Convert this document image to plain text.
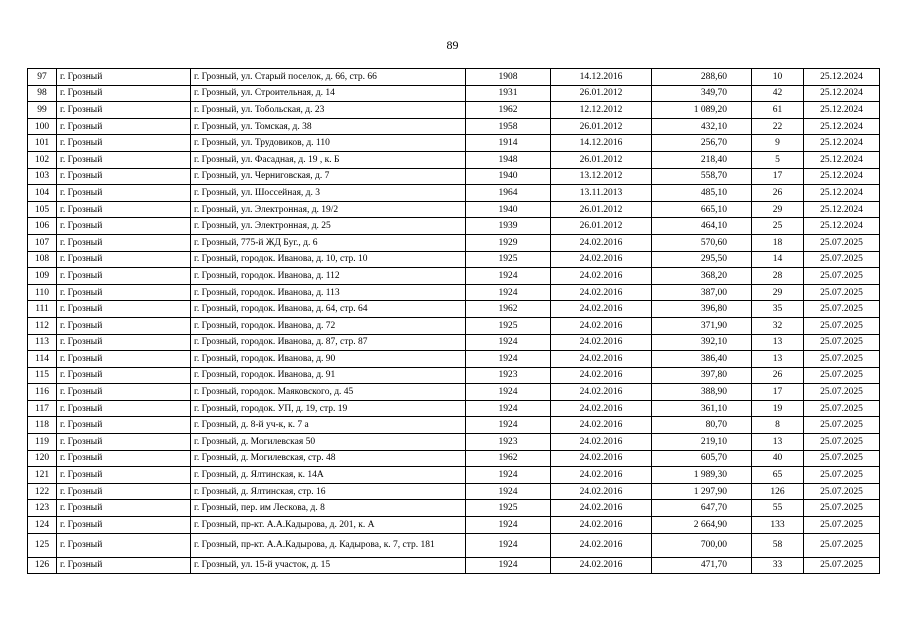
89
97	г. Грозный	г. Грозный, ул. Старый поселок, д. 66, стр. 66	1908	14.12.2016	288,60	10	25.12.2024
98	г. Грозный	г. Грозный, ул. Строительная, д. 14	1931	26.01.2012	349,70	42	25.12.2024
99	г. Грозный	г. Грозный, ул. Тобольская, д. 23	1962	12.12.2012	1 089,20	61	25.12.2024
100	г. Грозный	г. Грозный, ул. Томская, д. 38	1958	26.01.2012	432,10	22	25.12.2024
101	г. Грозный	г. Грозный, ул. Трудовиков, д. 110	1914	14.12.2016	256,70	9	25.12.2024
102	г. Грозный	г. Грозный, ул. Фасадная, д. 19 , к. Б	1948	26.01.2012	218,40	5	25.12.2024
103	г. Грозный	г. Грозный, ул. Черниговская, д. 7	1940	13.12.2012	558,70	17	25.12.2024
104	г. Грозный	г. Грозный, ул. Шоссейная, д. 3	1964	13.11.2013	485,10	26	25.12.2024
105	г. Грозный	г. Грозный, ул. Электронная, д. 19/2	1940	26.01.2012	665,10	29	25.12.2024
106	г. Грозный	г. Грозный, ул. Электронная, д. 25	1939	26.01.2012	464,10	25	25.12.2024
107	г. Грозный	г. Грозный, 775-й ЖД Буг., д. 6	1929	24.02.2016	570,60	18	25.07.2025
108	г. Грозный	г. Грозный, городок. Иванова, д. 10, стр. 10	1925	24.02.2016	295,50	14	25.07.2025
109	г. Грозный	г. Грозный, городок. Иванова, д. 112	1924	24.02.2016	368,20	28	25.07.2025
110	г. Грозный	г. Грозный, городок. Иванова, д. 113	1924	24.02.2016	387,00	29	25.07.2025
111	г. Грозный	г. Грозный, городок. Иванова, д. 64, стр. 64	1962	24.02.2016	396,80	35	25.07.2025
112	г. Грозный	г. Грозный, городок. Иванова, д. 72	1925	24.02.2016	371,90	32	25.07.2025
113	г. Грозный	г. Грозный, городок. Иванова, д. 87, стр. 87	1924	24.02.2016	392,10	13	25.07.2025
114	г. Грозный	г. Грозный, городок. Иванова, д. 90	1924	24.02.2016	386,40	13	25.07.2025
115	г. Грозный	г. Грозный, городок. Иванова, д. 91	1923	24.02.2016	397,80	26	25.07.2025
116	г. Грозный	г. Грозный, городок. Маяковского, д. 45	1924	24.02.2016	388,90	17	25.07.2025
117	г. Грозный	г. Грозный, городок. УП, д. 19, стр. 19	1924	24.02.2016	361,10	19	25.07.2025
118	г. Грозный	г. Грозный, д. 8-й уч-к, к. 7 а	1924	24.02.2016	80,70	8	25.07.2025
119	г. Грозный	г. Грозный, д. Могилевская 50	1923	24.02.2016	219,10	13	25.07.2025
120	г. Грозный	г. Грозный, д. Могилевская, стр. 48	1962	24.02.2016	605,70	40	25.07.2025
121	г. Грозный	г. Грозный, д. Ялтинская, к. 14А	1924	24.02.2016	1 989,30	65	25.07.2025
122	г. Грозный	г. Грозный, д. Ялтинская, стр. 16	1924	24.02.2016	1 297,90	126	25.07.2025
123	г. Грозный	г. Грозный, пер. им Лескова, д. 8	1925	24.02.2016	647,70	55	25.07.2025
124	г. Грозный	г. Грозный, пр-кт. А.А.Кадырова, д. 201, к. А	1924	24.02.2016	2 664,90	133	25.07.2025
125	г. Грозный	г. Грозный, пр-кт. А.А.Кадырова, д. Кадырова, к. 7, стр. 181	1924	24.02.2016	700,00	58	25.07.2025
126	г. Грозный	г. Грозный, ул. 15-й участок, д. 15	1924	24.02.2016	471,70	33	25.07.2025
